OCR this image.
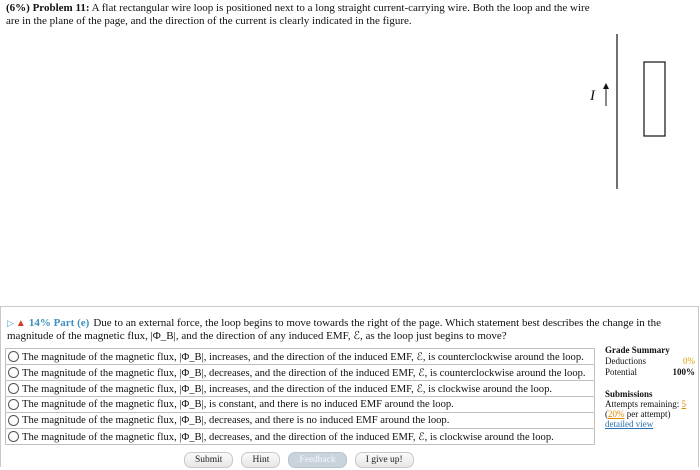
(6%) Problem 11: A flat rectangular wire loop is positioned next to a long straight current-carrying wire. Both the loop and the wire are in the plane of the page, and the direction of the current is clearly indicated in the figure.
I
▷ ▲ 14% Part (e) Due to an external force, the loop begins to move towards the right of the page. Which statement best describes the change in the magnitude of the magnetic flux, |Φ_B|, and the direction of any induced EMF, ℰ, as the loop just begins to move?
The magnitude of the magnetic flux, |Φ_B|, increases, and the direction of the induced EMF, ℰ, is counterclockwise around the loop.
The magnitude of the magnetic flux, |Φ_B|, decreases, and the direction of the induced EMF, ℰ, is counterclockwise around the loop.
The magnitude of the magnetic flux, |Φ_B|, increases, and the direction of the induced EMF, ℰ, is clockwise around the loop.
The magnitude of the magnetic flux, |Φ_B|, is constant, and there is no induced EMF around the loop.
The magnitude of the magnetic flux, |Φ_B|, decreases, and there is no induced EMF around the loop.
The magnitude of the magnetic flux, |Φ_B|, decreases, and the direction of the induced EMF, ℰ, is clockwise around the loop.
Grade Summary
Deductions	0%
Potential	100%
Submissions
Attempts remaining: 5
(20% per attempt)
detailed view
Submit	Hint	Feedback	I give up!
